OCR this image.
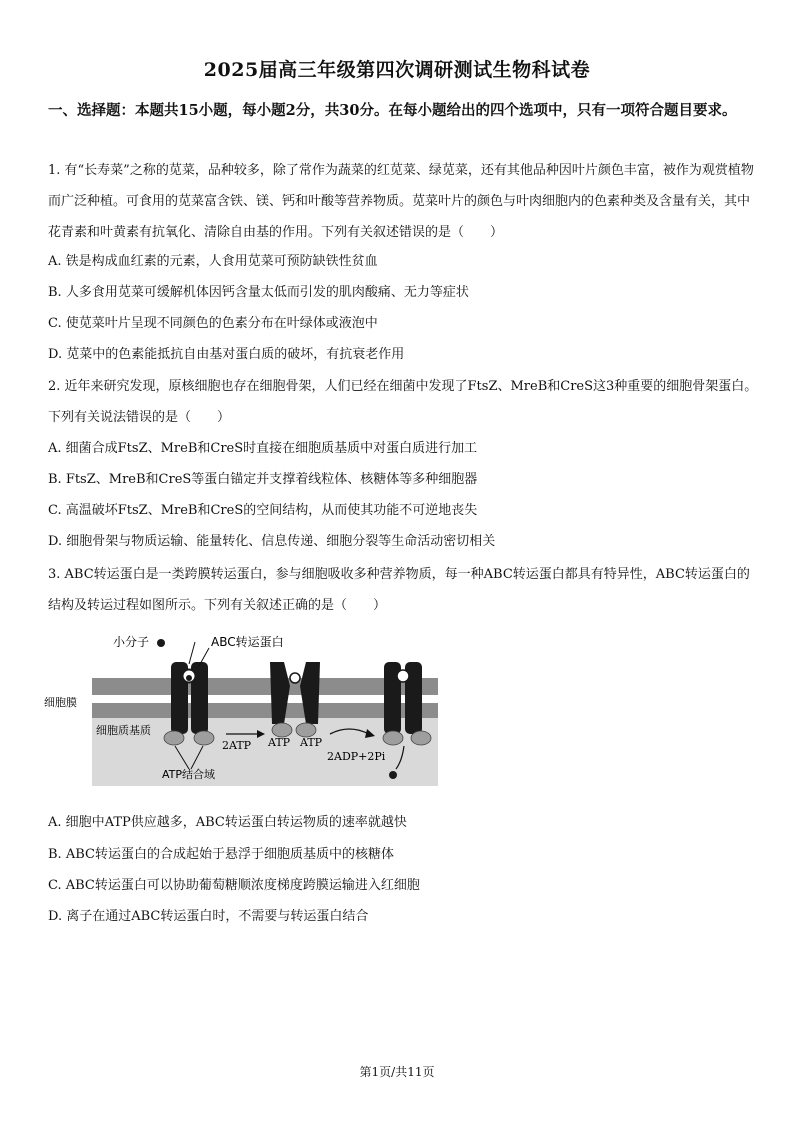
2025届高三年级第四次调研测试生物科试卷
一、选择题：本题共15小题，每小题2分，共30分。在每小题给出的四个选项中，只有一项符合题目要求。
1. 有“长寿菜”之称的苋菜，品种较多，除了常作为蔬菜的红苋菜、绿苋菜，还有其他品种因叶片颜色丰富，被作为观赏植物而广泛种植。可食用的苋菜富含铁、镁、钙和叶酸等营养物质。苋菜叶片的颜色与叶肉细胞内的色素种类及含量有关，其中花青素和叶黄素有抗氧化、清除自由基的作用。下列有关叙述错误的是（　　）
A. 铁是构成血红素的元素，人食用苋菜可预防缺铁性贫血
B. 人多食用苋菜可缓解机体因钙含量太低而引发的肌肉酸痛、无力等症状
C. 使苋菜叶片呈现不同颜色的色素分布在叶绿体或液泡中
D. 苋菜中的色素能抵抗自由基对蛋白质的破坏，有抗衰老作用
2. 近年来研究发现，原核细胞也存在细胞骨架，人们已经在细菌中发现了FtsZ、MreB和CreS这3种重要的细胞骨架蛋白。下列有关说法错误的是（　　）
A. 细菌合成FtsZ、MreB和CreS时直接在细胞质基质中对蛋白质进行加工
B. FtsZ、MreB和CreS等蛋白锚定并支撑着线粒体、核糖体等多种细胞器
C. 高温破坏FtsZ、MreB和CreS的空间结构，从而使其功能不可逆地丧失
D. 细胞骨架与物质运输、能量转化、信息传递、细胞分裂等生命活动密切相关
3. ABC转运蛋白是一类跨膜转运蛋白，参与细胞吸收多种营养物质，每一种ABC转运蛋白都具有特异性，ABC转运蛋白的结构及转运过程如图所示。下列有关叙述正确的是（　　）
小分子	ABC转运蛋白
细胞膜
细胞质基质
2ATP ATP ATP
2ADP+2Pi
ATP结合域
A. 细胞中ATP供应越多，ABC转运蛋白转运物质的速率就越快
B. ABC转运蛋白的合成起始于悬浮于细胞质基质中的核糖体
C. ABC转运蛋白可以协助葡萄糖顺浓度梯度跨膜运输进入红细胞
D. 离子在通过ABC转运蛋白时，不需要与转运蛋白结合
第1页/共11页
